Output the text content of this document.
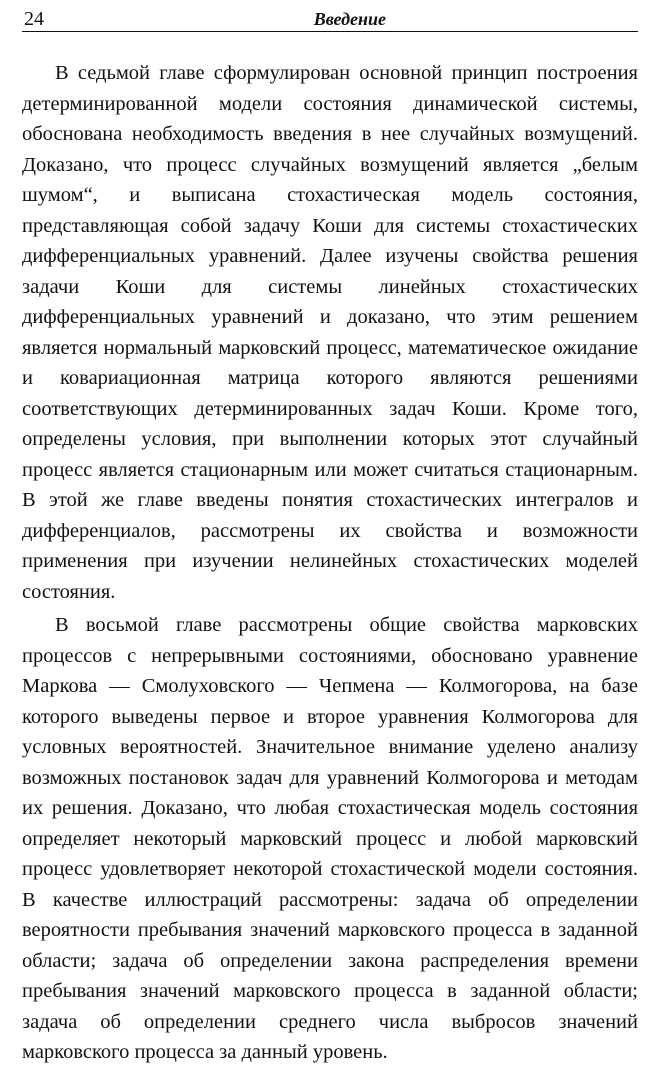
24	Введение

В седьмой главе сформулирован основной принцип построения детерминированной модели состояния динамической системы, обоснована необходимость введения в нее случайных возмущений. Доказано, что процесс случайных возмущений является „белым шумом“, и выписана стохастическая модель состояния, представляющая собой задачу Коши для системы стохастических дифференциальных уравнений. Далее изучены свойства решения задачи Коши для системы линейных стохастических дифференциальных уравнений и доказано, что этим решением является нормальный марковский процесс, математическое ожидание и ковариационная матрица которого являются решениями соответствующих детерминированных задач Коши. Кроме того, определены условия, при выполнении которых этот случайный процесс является стационарным или может считаться стационарным. В этой же главе введены понятия стохастических интегралов и дифференциалов, рассмотрены их свойства и возможности применения при изучении нелинейных стохастических моделей состояния.

В восьмой главе рассмотрены общие свойства марковских процессов с непрерывными состояниями, обосновано уравнение Маркова — Смолуховского — Чепмена — Колмогорова, на базе которого выведены первое и второе уравнения Колмогорова для условных вероятностей. Значительное внимание уделено анализу возможных постановок задач для уравнений Колмогорова и методам их решения. Доказано, что любая стохастическая модель состояния определяет некоторый марковский процесс и любой марковский процесс удовлетворяет некоторой стохастической модели состояния. В качестве иллюстраций рассмотрены: задача об определении вероятности пребывания значений марковского процесса в заданной области; задача об определении закона распределения времени пребывания значений марковского процесса в заданной области; задача об определении среднего числа выбросов значений марковского процесса за данный уровень.
